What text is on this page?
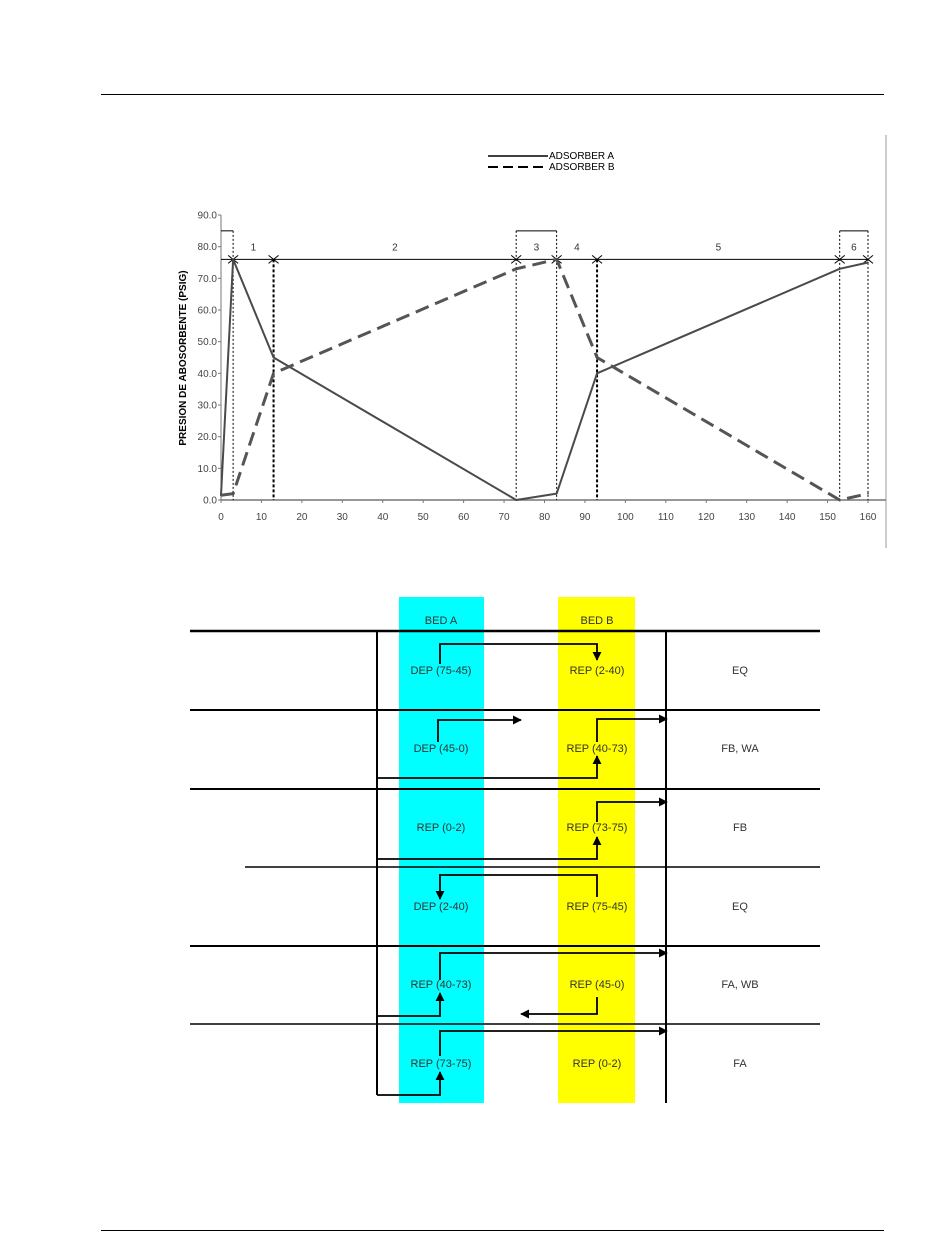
0.0
10.0
20.0
30.0
40.0
50.0
60.0
70.0
80.0
90.0
0	10	20	30	40	50	60	70	80	90	100 110 120 130 140 150 160
PRESION DE ABOSORBENTE (PSIG)
1	2	3	4	5	6
ADSORBER A
ADSORBER B
BED A	BED B
DEP (75-45)	REP (2-40)	EQ
DEP (45-0)	REP (40-73)	FB, WA
REP (0-2)	REP (73-75)	FB
DEP (2-40)	REP (75-45)	EQ
REP (40-73)	REP (45-0)	FA, WB
REP (73-75)	REP (0-2)	FA
